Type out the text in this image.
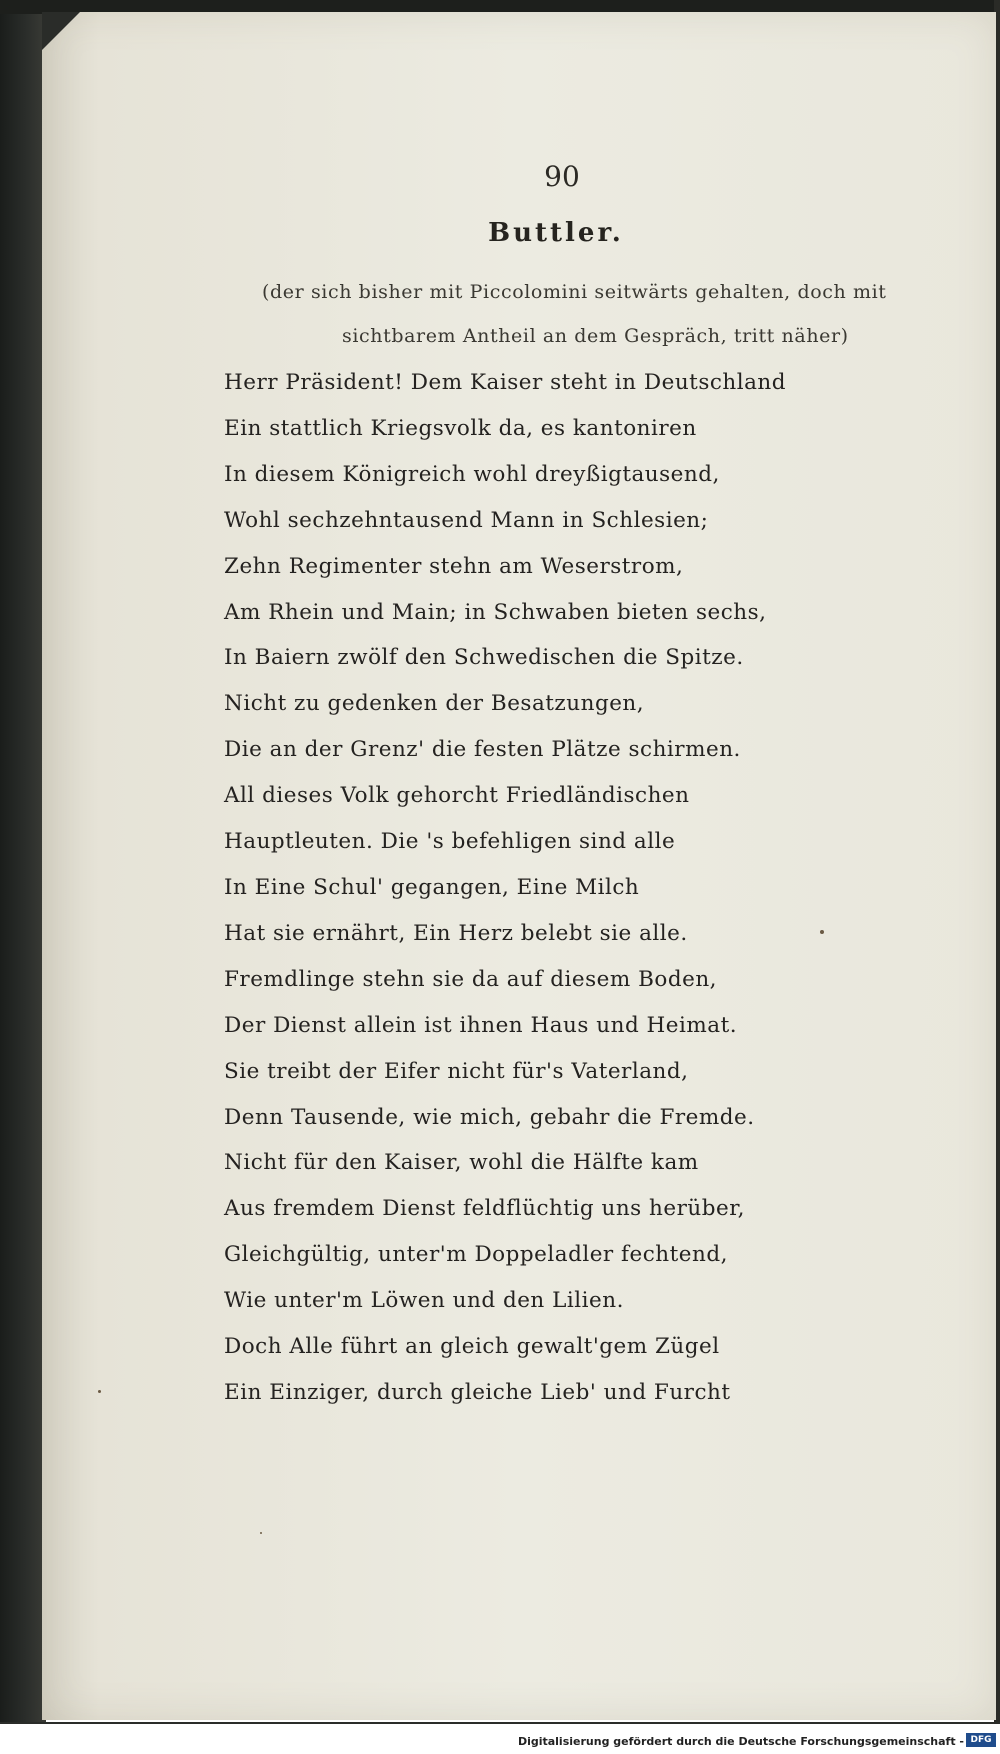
90
Buttler.
(der sich bisher mit Piccolomini seitwärts gehalten, doch mit
sichtbarem Antheil an dem Gespräch, tritt näher)
Herr Präsident! Dem Kaiser steht in Deutschland
Ein stattlich Kriegsvolk da, es kantoniren
In diesem Königreich wohl dreyßigtausend,
Wohl sechzehntausend Mann in Schlesien;
Zehn Regimenter stehn am Weserstrom,
Am Rhein und Main; in Schwaben bieten sechs,
In Baiern zwölf den Schwedischen die Spitze.
Nicht zu gedenken der Besatzungen,
Die an der Grenz' die festen Plätze schirmen.
All dieses Volk gehorcht Friedländischen
Hauptleuten. Die 's befehligen sind alle
In Eine Schul' gegangen, Eine Milch
Hat sie ernährt, Ein Herz belebt sie alle.
Fremdlinge stehn sie da auf diesem Boden,
Der Dienst allein ist ihnen Haus und Heimat.
Sie treibt der Eifer nicht für's Vaterland,
Denn Tausende, wie mich, gebahr die Fremde.
Nicht für den Kaiser, wohl die Hälfte kam
Aus fremdem Dienst feldflüchtig uns herüber,
Gleichgültig, unter'm Doppeladler fechtend,
Wie unter'm Löwen und den Lilien.
Doch Alle führt an gleich gewalt'gem Zügel
Ein Einziger, durch gleiche Lieb' und Furcht
Digitalisierung gefördert durch die Deutsche Forschungsgemeinschaft - DFG
